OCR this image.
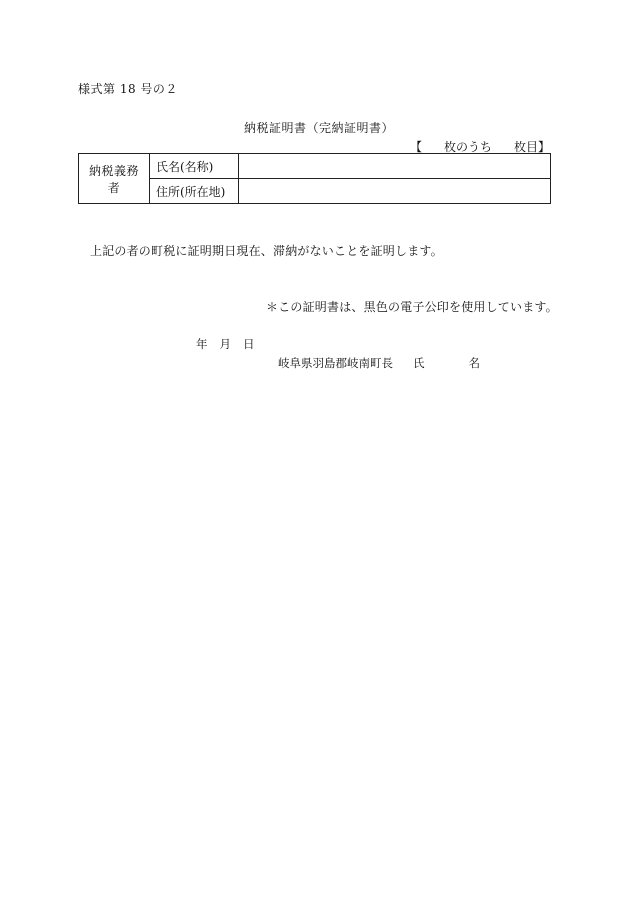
様式第 18 号の２
納税証明書（完納証明書）
【 枚のうち 枚目】
納税義務者	氏名(名称)	
	住所(所在地)	
上記の者の町税に証明期日現在、滞納がないことを証明します。
＊この証明書は、黒色の電子公印を使用しています。
年 月 日
岐阜県羽島郡岐南町長 氏	名
